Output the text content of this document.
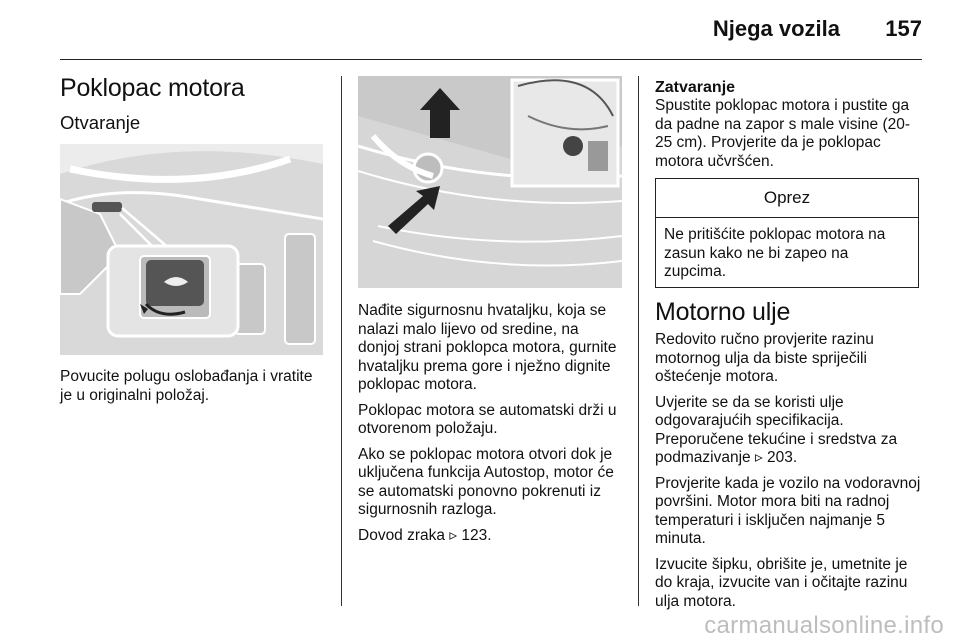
Njega vozila 157
Poklopac motora
Otvaranje

Povucite polugu oslobađanja i vratite je u originalni položaj.

Nađite sigurnosnu hvataljku, koja se nalazi malo lijevo od sredine, na donjoj strani poklopca motora, gurnite hvataljku prema gore i nježno dignite poklopac motora.

Poklopac motora se automatski drži u otvorenom položaju.

Ako se poklopac motora otvori dok je uključena funkcija Autostop, motor će se automatski ponovno pokrenuti iz sigurnosnih razloga.

Dovod zraka ▹ 123.

Zatvaranje

Spustite poklopac motora i pustite ga da padne na zapor s male visine (20-25 cm). Provjerite da je poklopac motora učvršćen.

Oprez
Ne pritišćite poklopac motora na zasun kako ne bi zapeo na zupcima.
Motorno ulje

Redovito ručno provjerite razinu motornog ulja da biste spriječili oštećenje motora.

Uvjerite se da se koristi ulje odgovarajućih specifikacija. Preporučene tekućine i sredstva za podmazivanje ▹ 203.

Provjerite kada je vozilo na vodoravnoj površini. Motor mora biti na radnoj temperaturi i isključen najmanje 5 minuta.

Izvucite šipku, obrišite je, umetnite je do kraja, izvucite van i očitajte razinu ulja motora.

carmanualsonline.info
